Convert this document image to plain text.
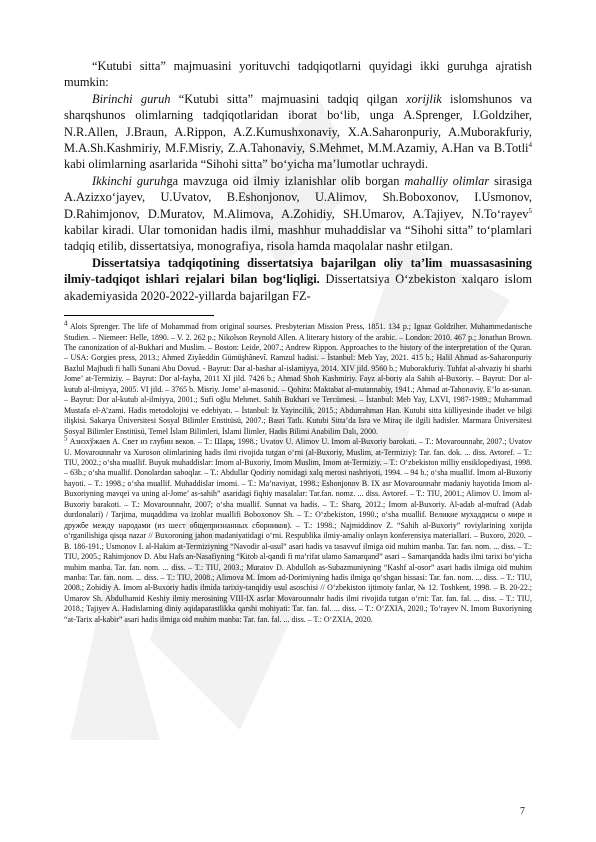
“Kutubi sitta” majmuasini yorituvchi tadqiqotlarni quyidagi ikki guruhga ajratish mumkin:

Birinchi guruh “Kutubi sitta” majmuasini tadqiq qilgan xorijlik islomshunos va sharqshunos olimlarning tadqiqotlaridan iborat bo‘lib, unga A.Sprenger, I.Goldziher, N.R.Allen, J.Braun, A.Rippon, A.Z.Kumushxonaviy, X.A.Saharonpuriy, A.Muborakfuriy, M.A.Sh.Kashmiriy, M.F.Misriy, Z.A.Tahonaviy, S.Mehmet, M.M.Azamiy, A.Han va B.Totli$^4$ kabi olimlarning asarlarida “Sihohi sitta” bo‘yicha ma’lumotlar uchraydi.

Ikkinchi guruhga mavzuga oid ilmiy izlanishlar olib borgan mahalliy olimlar sirasiga A.Azizxo‘jayev, U.Uvatov, B.Eshonjonov, U.Alimov, Sh.Boboxonov, I.Usmonov, D.Rahimjonov, D.Muratov, M.Alimova, A.Zohidiy, SH.Umarov, A.Tajiyev, N.To‘rayev$^5$ kabilar kiradi. Ular tomonidan hadis ilmi, mashhur muhaddislar va “Sihohi sitta” to‘plamlari tadqiq etilib, dissertatsiya, monografiya, risola hamda maqolalar nashr etilgan.

Dissertatsiya tadqiqotining dissertatsiya bajarilgan oliy ta’lim muassasasining ilmiy-tadqiqot ishlari rejalari bilan bog‘liqligi. Dissertatsiya O‘zbekiston xalqaro islom akademiyasida 2020-2022-yillarda bajarilgan FZ-

$^4$ Alois Sprenger. The life of Mohammad from original sourses. Presbyterian Mission Press, 1851. 134 p.; Ignaz Goldziher. Muhammedanische Studien. – Niemeer: Helle, 1890. – V. 2. 262 p.; Nikolson Reynold Allen. A literary history of the arabic. – London: 2010. 467 p.; Jonathan Brown. The canonization of al-Bukhari and Muslim. – Boston: Leide, 2007.; Andrew Rippon. Approaches to the history of the interpretation of the Quran. – USA: Gorgies press, 2013.; Ahmed Ziyâeddin Gümüşhânevî. Ramzul hadisi. – İstanbul: Meb Yay, 2021. 415 b.; Halil Ahmad as-Saharonpuriy Bazlul Majhudi fi halli Sunani Abu Dovud. - Bayrut: Dar al-bashar al-islamiyya, 2014. XIV jild. 9560 b.; Muborakfuriy. Tuhfat al-ahvaziy bi sharhi Jome’ at-Termiziy. – Bayrut: Dor al-fayha, 2011 XI jild. 7426 b.; Ahmad Shoh Kashmiriy. Fayz al-boriy ala Sahih al-Buxoriy. – Bayrut: Dor al-kutub al-ilmiyya, 2005. VI jild. – 3765 b. Misriy. Jome’ al-masonid. – Qohira: Maktabat al-mutannabiy, 1941.; Ahmad at-Tahonaviy. E’lo as-sunan. – Bayrut: Dor al-kutub al-ilmiyya, 2001.; Sufi oğlu Mehmet. Sahih Bukhari ve Tercümesi. – İstanbul: Meb Yay, LXVI, 1987-1989.; Muhammad Mustafa el-A’zami. Hadis metodolojisi ve edebiyatı. – İstanbul: Iz Yayincilik, 2015.; Abdurrahman Han. Kutubi sitta külliyesinde ibadet ve bilgi ilişkisi. Sakarya Üniversitesi Sosyal Bilimler Enstitüsü, 2007.; Basri Tatlı. Kutubi Sitta’da Isra ve Miraç ile ilgili hadisler. Marmara Üniversitesi Sosyal Bilimler Enstitüsü, Temel İslam Bilimleri, İslami İlimler, Hadis Bilimi Anabilim Dalı, 2000.

$^5$ Азизхўжаев А. Свет из глубин веков. – Т.: Шарқ, 1998.; Uvatov U. Alimov U. Imom al-Buxoriy barokati. – T.: Movarounnahr, 2007.; Uvatov U. Movarounnahr va Xuroson olimlarining hadis ilmi rivojida tutgan o‘rni (al-Buxoriy, Muslim, at-Termiziy): Tar. fan. dok. ... diss. Avtoref. – T.: TIU, 2002.; o‘sha muallif. Buyuk muhaddislar: Imom al-Buxoriy, Imom Muslim, Imom at-Termiziy. – T.: O‘zbekiston milliy ensiklopediyasi, 1998. – 63b.; o‘sha muallif. Donolardan saboqlar. – T.: Abdullar Qodiriy nomidagi xalq merosi nashriyoti, 1994. – 94 b.; o‘sha muallif. Imom al-Buxoriy hayoti. – T.: 1998.; o‘sha muallif. Muhaddislar imomi. – T.: Ma’naviyat, 1998.; Eshonjonov B. IX asr Movarounnahr madaniy hayotida Imom al-Buxoriyning mavqei va uning al-Jome’ as-sahih” asaridagi fiqhiy masalalar: Tar.fan. nomz. ... diss. Avtoref. – T.: TIU, 2001.; Alimov U. Imom al-Buxoriy barakoti. – T.: Movarounnahr, 2007; o‘sha muallif. Sunnat va hadis. – T.: Sharq, 2012.; Imom al-Buxoriy. Al-adab al-mufrad (Adab durdonalari) / Tarjima, muqaddima va izohlar muallifi Boboxonov Sh. – T.: O‘zbekiston, 1990.; o‘sha muallif. Великие мухаддисы о мире и дружбе между народами (из шест общепризнанных сборников). – T.: 1998.; Najmiddinov Z. “Sahih al-Buxoriy” roviylarining xorijda o‘rganilishiga qisqa nazar // Buxoroning jahon madaniyatidagi o‘rni. Respublika ilmiy-amaliy onlayn konferensiya materiallari. – Buxoro, 2020. – B. 186-191.; Usmonov I. al-Hakim at-Termiziyning “Navodir al-usul” asari hadis va tasavvuf ilmiga oid muhim manba. Tar. fan. nom. ... diss. – T.: TIU, 2005.; Rahimjonov D. Abu Hafs an-Nasafiyning “Kitob al-qandi fi ma’rifat ulamo Samarqand” asari – Samarqandda hadis ilmi tarixi bo‘yicha muhim manba. Tar. fan. nom. ... diss. – T.: TIU, 2003.; Muratov D. Abdulloh as-Subazmuniyning “Kashf al-osor” asari hadis ilmiga oid muhim manba: Tar. fan. nom. ... diss. – T.: TIU, 2008.; Alimova M. Imom ad-Dorimiyning hadis ilmiga qo‘shgan hissasi: Tar. fan. nom. ... diss. – T.: TIU, 2008.; Zohidiy A. Imom al-Buxoriy hadis ilmida tarixiy-tanqidiy usul asoschisi // O‘zbekiston ijtimoiy fanlar, № 12. Toshkent, 1998. – B. 20-22.; Umarov Sh. Abdulhamid Keshiy ilmiy merosining VIII-IX asrlar Movarounnahr hadis ilmi rivojida tutgan o‘rni: Tar. fan. fal. ... diss. – T.: TIU, 2018.; Tajiyev A. Hadislarning diniy aqidaparastlikka qarshi mohiyati: Tar. fan. fal. ... diss. – T.: O‘ZXIA, 2020.; To‘rayev N. Imom Buxoriyning “at-Tarix al-kabir” asari hadis ilmiga oid muhim manba: Tar. fan. fal. ... diss. – T.: O‘ZXIA, 2020.

7
